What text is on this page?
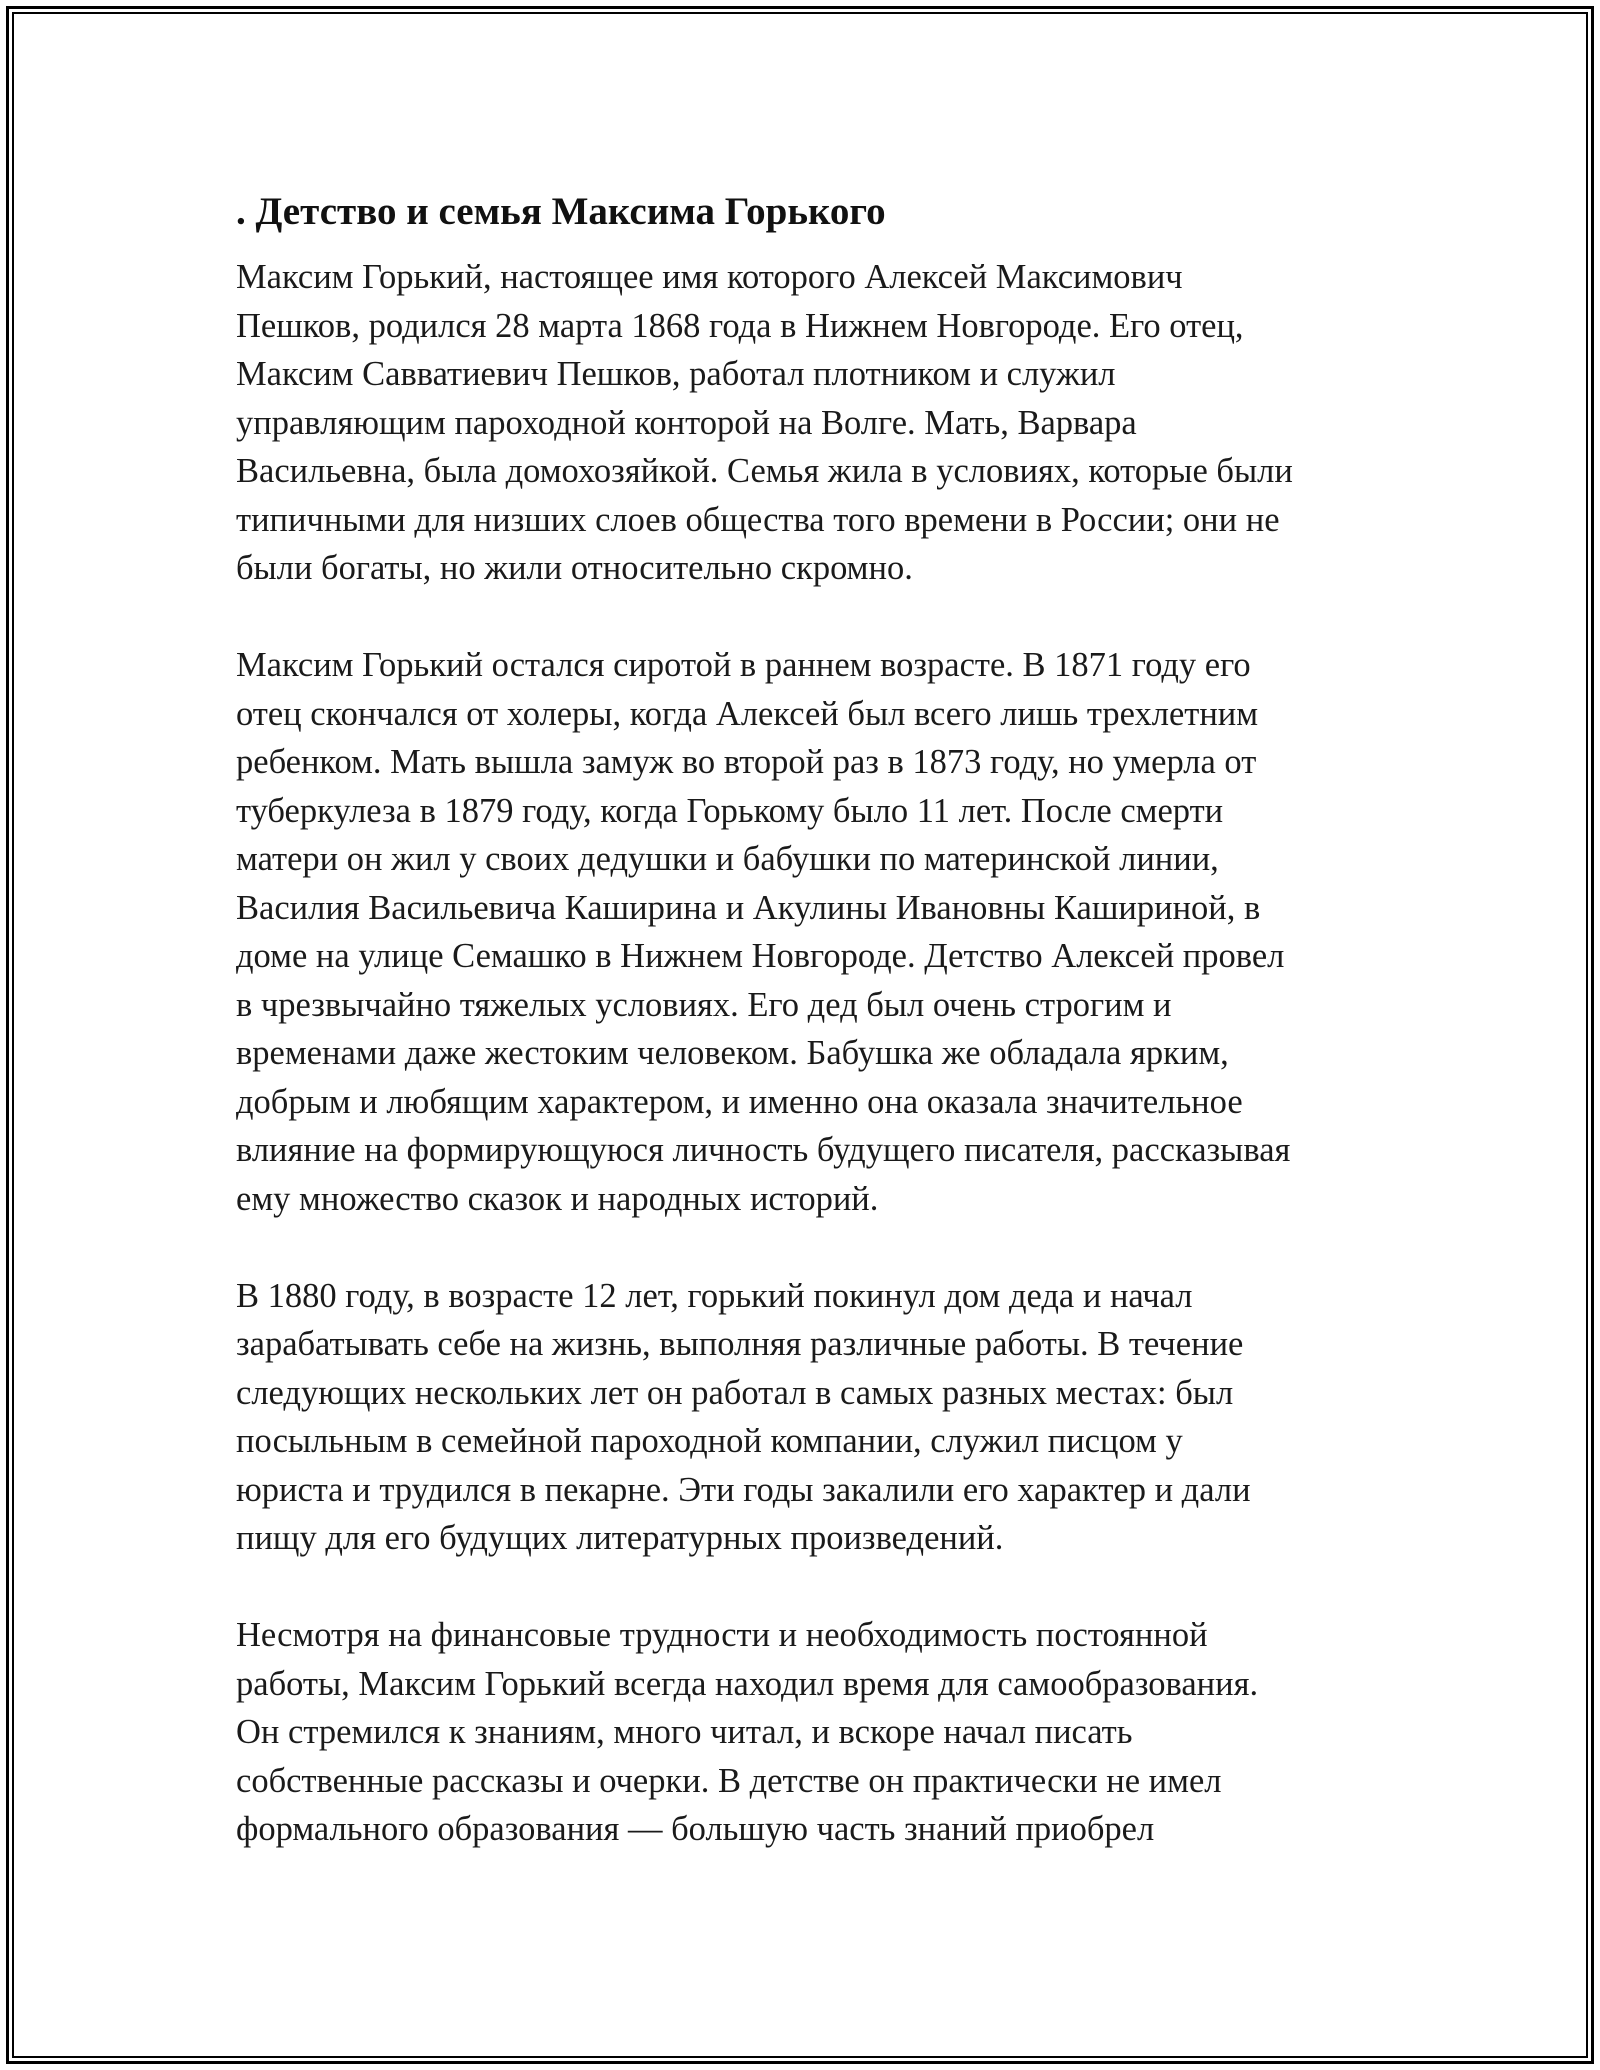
. Детство и семья Максима Горького

Максим Горький, настоящее имя которого Алексей Максимович
Пешков, родился 28 марта 1868 года в Нижнем Новгороде. Его отец,
Максим Савватиевич Пешков, работал плотником и служил
управляющим пароходной конторой на Волге. Мать, Варвара
Васильевна, была домохозяйкой. Семья жила в условиях, которые были
типичными для низших слоев общества того времени в России; они не
были богаты, но жили относительно скромно.

Максим Горький остался сиротой в раннем возрасте. В 1871 году его
отец скончался от холеры, когда Алексей был всего лишь трехлетним
ребенком. Мать вышла замуж во второй раз в 1873 году, но умерла от
туберкулеза в 1879 году, когда Горькому было 11 лет. После смерти
матери он жил у своих дедушки и бабушки по материнской линии,
Василия Васильевича Каширина и Акулины Ивановны Кашириной, в
доме на улице Семашко в Нижнем Новгороде. Детство Алексей провел
в чрезвычайно тяжелых условиях. Его дед был очень строгим и
временами даже жестоким человеком. Бабушка же обладала ярким,
добрым и любящим характером, и именно она оказала значительное
влияние на формирующуюся личность будущего писателя, рассказывая
ему множество сказок и народных историй.

В 1880 году, в возрасте 12 лет, горький покинул дом деда и начал
зарабатывать себе на жизнь, выполняя различные работы. В течение
следующих нескольких лет он работал в самых разных местах: был
посыльным в семейной пароходной компании, служил писцом у
юриста и трудился в пекарне. Эти годы закалили его характер и дали
пищу для его будущих литературных произведений.

Несмотря на финансовые трудности и необходимость постоянной
работы, Максим Горький всегда находил время для самообразования.
Он стремился к знаниям, много читал, и вскоре начал писать
собственные рассказы и очерки. В детстве он практически не имел
формального образования — большую часть знаний приобрел
